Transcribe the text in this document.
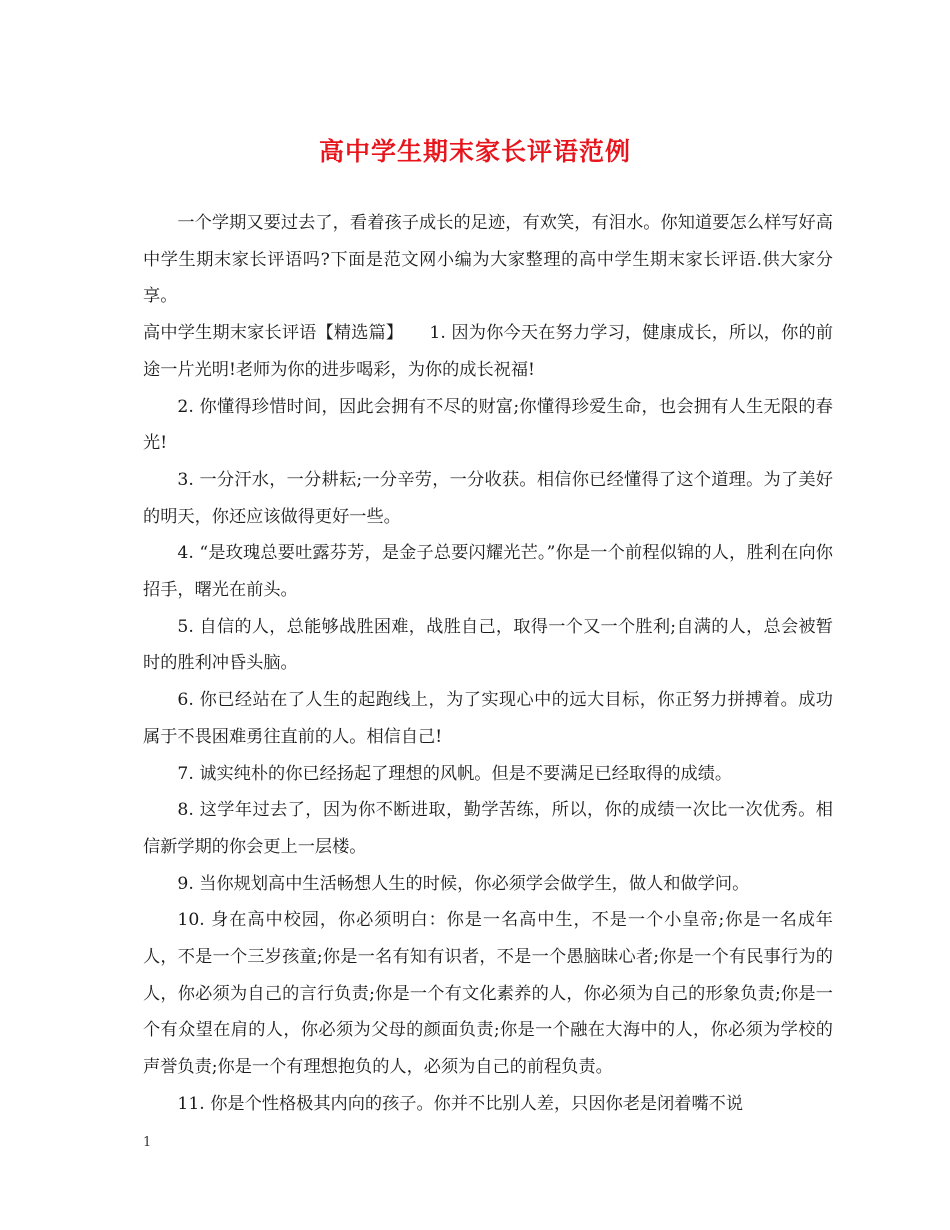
高中学生期末家长评语范例

一个学期又要过去了，看着孩子成长的足迹，有欢笑，有泪水。你知道要怎么样写好高中学生期末家长评语吗?下面是范文网小编为大家整理的高中学生期末家长评语.供大家分享。

高中学生期末家长评语【精选篇】　　1. 因为你今天在努力学习，健康成长，所以，你的前途一片光明!老师为你的进步喝彩，为你的成长祝福!

2. 你懂得珍惜时间，因此会拥有不尽的财富;你懂得珍爱生命，也会拥有人生无限的春光!

3. 一分汗水，一分耕耘;一分辛劳，一分收获。相信你已经懂得了这个道理。为了美好的明天，你还应该做得更好一些。

4. “是玫瑰总要吐露芬芳，是金子总要闪耀光芒。”你是一个前程似锦的人，胜利在向你招手，曙光在前头。

5. 自信的人，总能够战胜困难，战胜自己，取得一个又一个胜利;自满的人，总会被暂时的胜利冲昏头脑。

6. 你已经站在了人生的起跑线上，为了实现心中的远大目标，你正努力拼搏着。成功属于不畏困难勇往直前的人。相信自己!

7. 诚实纯朴的你已经扬起了理想的风帆。但是不要满足已经取得的成绩。

8. 这学年过去了，因为你不断进取，勤学苦练，所以，你的成绩一次比一次优秀。相信新学期的你会更上一层楼。

9. 当你规划高中生活畅想人生的时候，你必须学会做学生，做人和做学问。

10. 身在高中校园，你必须明白：你是一名高中生，不是一个小皇帝;你是一名成年人，不是一个三岁孩童;你是一名有知有识者，不是一个愚脑昧心者;你是一个有民事行为的人，你必须为自己的言行负责;你是一个有文化素养的人，你必须为自己的形象负责;你是一个有众望在肩的人，你必须为父母的颜面负责;你是一个融在大海中的人，你必须为学校的声誉负责;你是一个有理想抱负的人，必须为自己的前程负责。

11. 你是个性格极其内向的孩子。你并不比别人差，只因你老是闭着嘴不说

1
